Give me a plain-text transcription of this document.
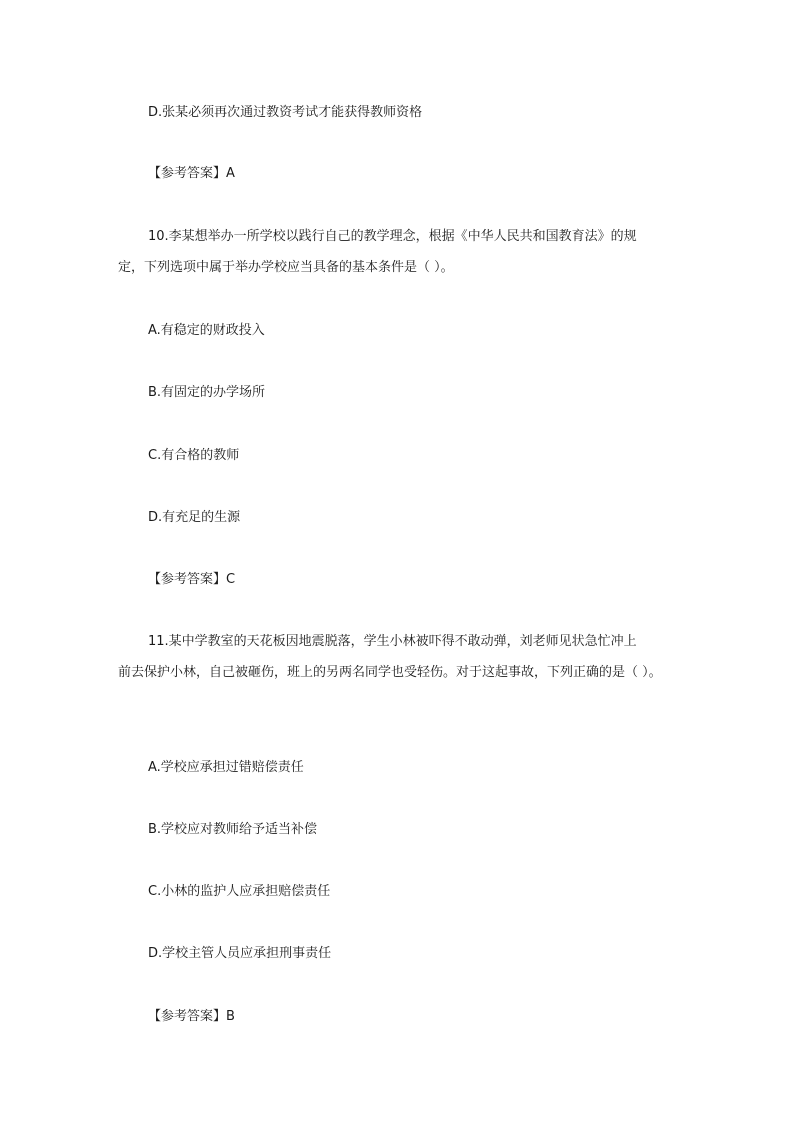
D.张某必须再次通过教资考试才能获得教师资格
【参考答案】A
10.李某想举办一所学校以践行自己的教学理念，根据《中华人民共和国教育法》的规
定，下列选项中属于举办学校应当具备的基本条件是（ ）。
A.有稳定的财政投入
B.有固定的办学场所
C.有合格的教师
D.有充足的生源
【参考答案】C
11.某中学教室的天花板因地震脱落，学生小林被吓得不敢动弹，刘老师见状急忙冲上
前去保护小林，自己被砸伤，班上的另两名同学也受轻伤。对于这起事故，下列正确的是（ ）。
A.学校应承担过错赔偿责任
B.学校应对教师给予适当补偿
C.小林的监护人应承担赔偿责任
D.学校主管人员应承担刑事责任
【参考答案】B
